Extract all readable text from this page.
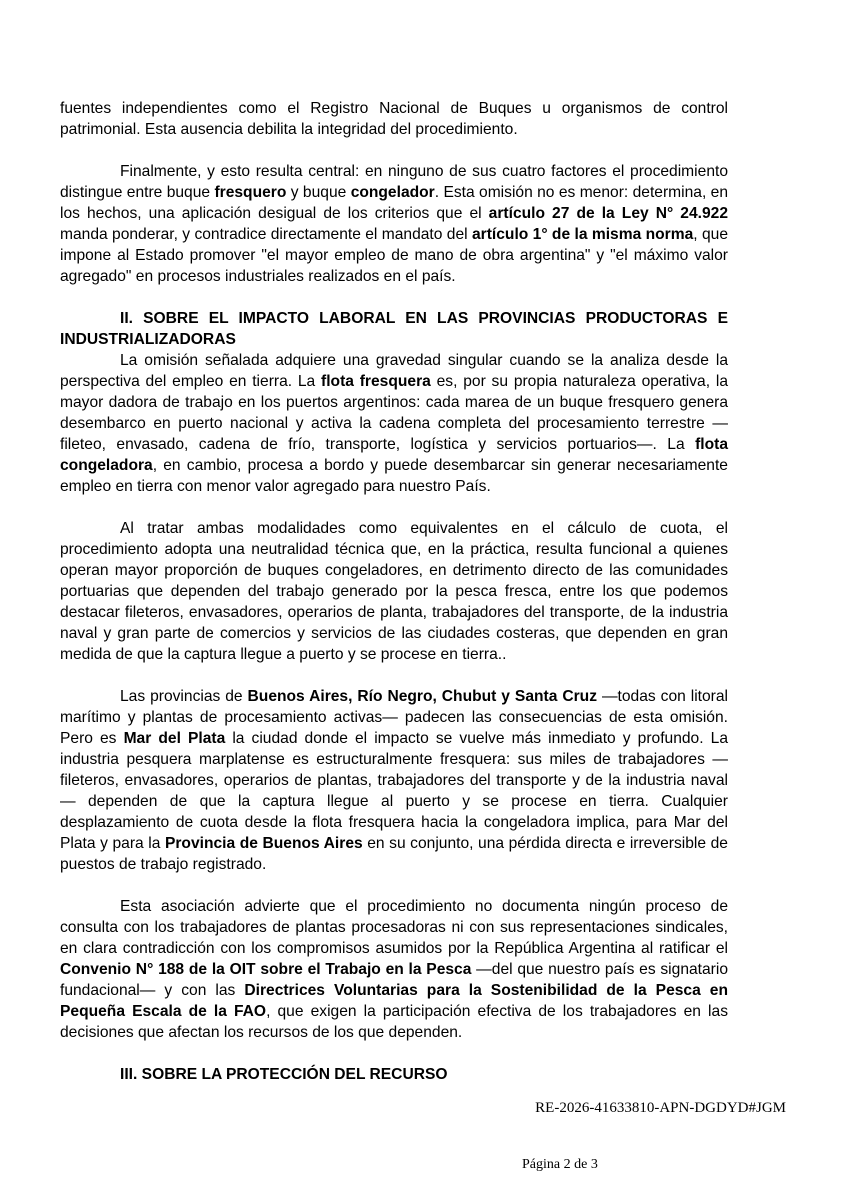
fuentes independientes como el Registro Nacional de Buques u organismos de control patrimonial. Esta ausencia debilita la integridad del procedimiento.

Finalmente, y esto resulta central: en ninguno de sus cuatro factores el procedimiento distingue entre buque fresquero y buque congelador. Esta omisión no es menor: determina, en los hechos, una aplicación desigual de los criterios que el artículo 27 de la Ley N° 24.922 manda ponderar, y contradice directamente el mandato del artículo 1° de la misma norma, que impone al Estado promover "el mayor empleo de mano de obra argentina" y "el máximo valor agregado" en procesos industriales realizados en el país.

II. SOBRE EL IMPACTO LABORAL EN LAS PROVINCIAS PRODUCTORAS E INDUSTRIALIZADORAS

La omisión señalada adquiere una gravedad singular cuando se la analiza desde la perspectiva del empleo en tierra. La flota fresquera es, por su propia naturaleza operativa, la mayor dadora de trabajo en los puertos argentinos: cada marea de un buque fresquero genera desembarco en puerto nacional y activa la cadena completa del procesamiento terrestre — fileteo, envasado, cadena de frío, transporte, logística y servicios portuarios—. La flota congeladora, en cambio, procesa a bordo y puede desembarcar sin generar necesariamente empleo en tierra con menor valor agregado para nuestro País.

Al tratar ambas modalidades como equivalentes en el cálculo de cuota, el procedimiento adopta una neutralidad técnica que, en la práctica, resulta funcional a quienes operan mayor proporción de buques congeladores, en detrimento directo de las comunidades portuarias que dependen del trabajo generado por la pesca fresca, entre los que podemos destacar fileteros, envasadores, operarios de planta, trabajadores del transporte, de la industria naval y gran parte de comercios y servicios de las ciudades costeras, que dependen en gran medida de que la captura llegue a puerto y se procese en tierra..

Las provincias de Buenos Aires, Río Negro, Chubut y Santa Cruz —todas con litoral marítimo y plantas de procesamiento activas— padecen las consecuencias de esta omisión. Pero es Mar del Plata la ciudad donde el impacto se vuelve más inmediato y profundo. La industria pesquera marplatense es estructuralmente fresquera: sus miles de trabajadores — fileteros, envasadores, operarios de plantas, trabajadores del transporte y de la industria naval— dependen de que la captura llegue al puerto y se procese en tierra. Cualquier desplazamiento de cuota desde la flota fresquera hacia la congeladora implica, para Mar del Plata y para la Provincia de Buenos Aires en su conjunto, una pérdida directa e irreversible de puestos de trabajo registrado.

Esta asociación advierte que el procedimiento no documenta ningún proceso de consulta con los trabajadores de plantas procesadoras ni con sus representaciones sindicales, en clara contradicción con los compromisos asumidos por la República Argentina al ratificar el Convenio N° 188 de la OIT sobre el Trabajo en la Pesca —del que nuestro país es signatario fundacional— y con las Directrices Voluntarias para la Sostenibilidad de la Pesca en Pequeña Escala de la FAO, que exigen la participación efectiva de los trabajadores en las decisiones que afectan los recursos de los que dependen.

III. SOBRE LA PROTECCIÓN DEL RECURSO
RE-2026-41633810-APN-DGDYD#JGM
Página 2 de 3
